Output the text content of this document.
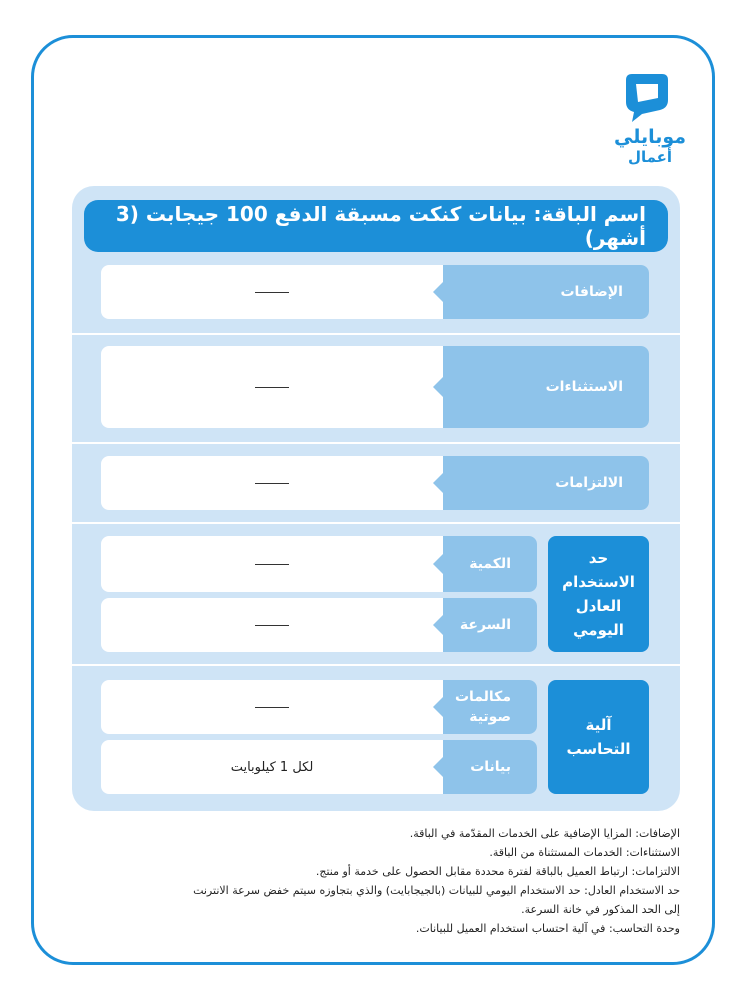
موبايلي
أعمال
اسم الباقة: بيانات كنكت مسبقة الدفع 100 جيجابت (3 أشهر)
الإضافات
الاستثناءات
الالتزامات
حد الاستخدام العادل اليومي
الكمية
السرعة
آلية التحاسب
مكالمات صوتية
بيانات
لكل 1 كيلوبايت
الإضافات: المزايا الإضافية على الخدمات المقدّمة في الباقة.
الاستثناءات: الخدمات المستثناة من الباقة.
الالتزامات: ارتباط العميل بالباقة لفترة محددة مقابل الحصول على خدمة أو منتج.
حد الاستخدام العادل: حد الاستخدام اليومي للبيانات (بالجيجابايت) والذي بتجاوزه سيتم خفض سرعة الانترنت
إلى الحد المذكور في خانة السرعة.
وحدة التحاسب: في آلية احتساب استخدام العميل للبيانات.
